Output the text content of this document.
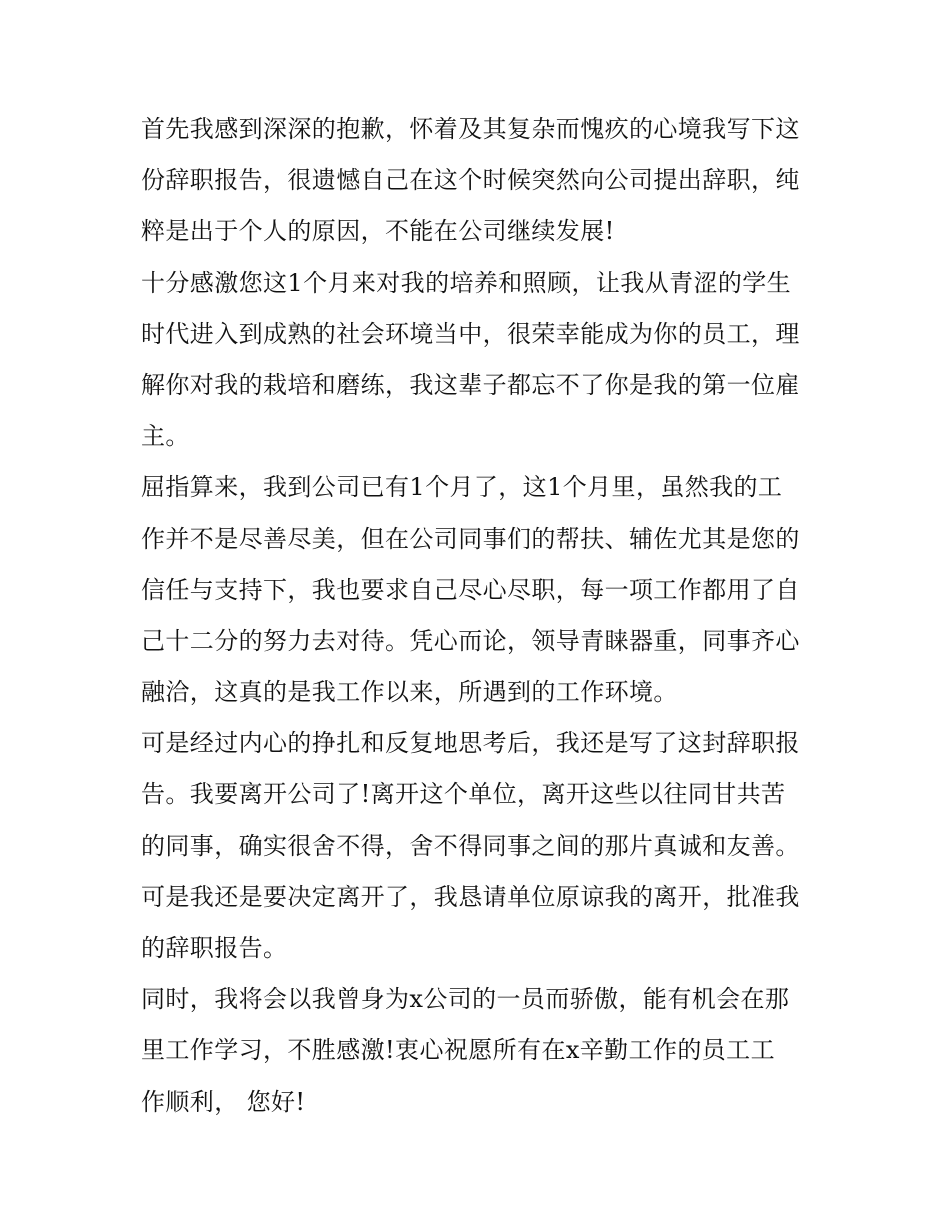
首先我感到深深的抱歉，怀着及其复杂而愧疚的心境我写下这
份辞职报告，很遗憾自己在这个时候突然向公司提出辞职，纯
粹是出于个人的原因，不能在公司继续发展!
十分感激您这1个月来对我的培养和照顾，让我从青涩的学生
时代进入到成熟的社会环境当中，很荣幸能成为你的员工，理
解你对我的栽培和磨练，我这辈子都忘不了你是我的第一位雇
主。
屈指算来，我到公司已有1个月了，这1个月里，虽然我的工
作并不是尽善尽美，但在公司同事们的帮扶、辅佐尤其是您的
信任与支持下，我也要求自己尽心尽职，每一项工作都用了自
己十二分的努力去对待。凭心而论，领导青睐器重，同事齐心
融洽，这真的是我工作以来，所遇到的工作环境。
可是经过内心的挣扎和反复地思考后，我还是写了这封辞职报
告。我要离开公司了!离开这个单位，离开这些以往同甘共苦
的同事，确实很舍不得，舍不得同事之间的那片真诚和友善。
可是我还是要决定离开了，我恳请单位原谅我的离开，批准我
的辞职报告。
同时，我将会以我曾身为x公司的一员而骄傲，能有机会在那
里工作学习，不胜感激!衷心祝愿所有在x辛勤工作的员工工
作顺利， 您好!
